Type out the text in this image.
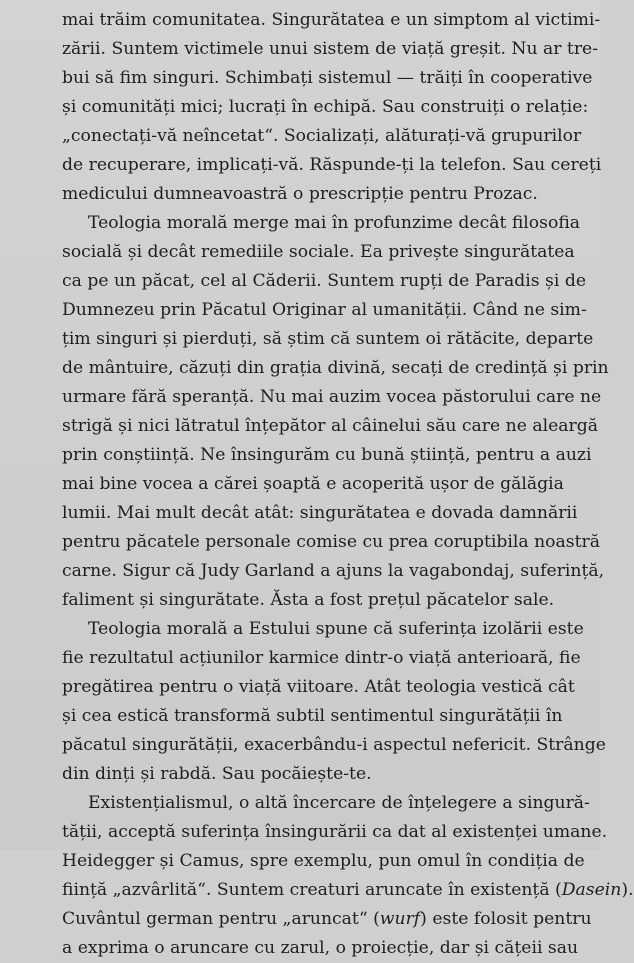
mai trăim comunitatea. Singurătatea e un simptom al victimi-
zării. Suntem victimele unui sistem de viață greșit. Nu ar tre-
bui să fim singuri. Schimbați sistemul — trăiți în cooperative
și comunități mici; lucrați în echipă. Sau construiți o relație:
„conectați-vă neîncetat“. Socializați, alăturați-vă grupurilor
de recuperare, implicați-vă. Răspunde-ți la telefon. Sau cereți
medicului dumneavoastră o prescripție pentru Prozac.
Teologia morală merge mai în profunzime decât filosofia
socială și decât remediile sociale. Ea privește singurătatea
ca pe un păcat, cel al Căderii. Suntem rupți de Paradis și de
Dumnezeu prin Păcatul Originar al umanității. Când ne sim-
țim singuri și pierduți, să știm că suntem oi rătăcite, departe
de mântuire, căzuți din grația divină, secați de credință și prin
urmare fără speranță. Nu mai auzim vocea păstorului care ne
strigă și nici lătratul înțepător al câinelui său care ne aleargă
prin conștiință. Ne însingurăm cu bună știință, pentru a auzi
mai bine vocea a cărei șoaptă e acoperită ușor de gălăgia
lumii. Mai mult decât atât: singurătatea e dovada damnării
pentru păcatele personale comise cu prea coruptibila noastră
carne. Sigur că Judy Garland a ajuns la vagabondaj, suferință,
faliment și singurătate. Ăsta a fost prețul păcatelor sale.
Teologia morală a Estului spune că suferința izolării este
fie rezultatul acțiunilor karmice dintr-o viață anterioară, fie
pregătirea pentru o viață viitoare. Atât teologia vestică cât
și cea estică transformă subtil sentimentul singurătății în
păcatul singurătății, exacerbându-i aspectul nefericit. Strânge
din dinți și rabdă. Sau pocăiește-te.
Existențialismul, o altă încercare de înțelegere a singură-
tății, acceptă suferința însingurării ca dat al existenței umane.
Heidegger și Camus, spre exemplu, pun omul în condiția de
ființă „azvârlită“. Suntem creaturi aruncate în existență (Dasein).
Cuvântul german pentru „aruncat“ (wurf) este folosit pentru
a exprima o aruncare cu zarul, o proiecție, dar și cățeii sau
